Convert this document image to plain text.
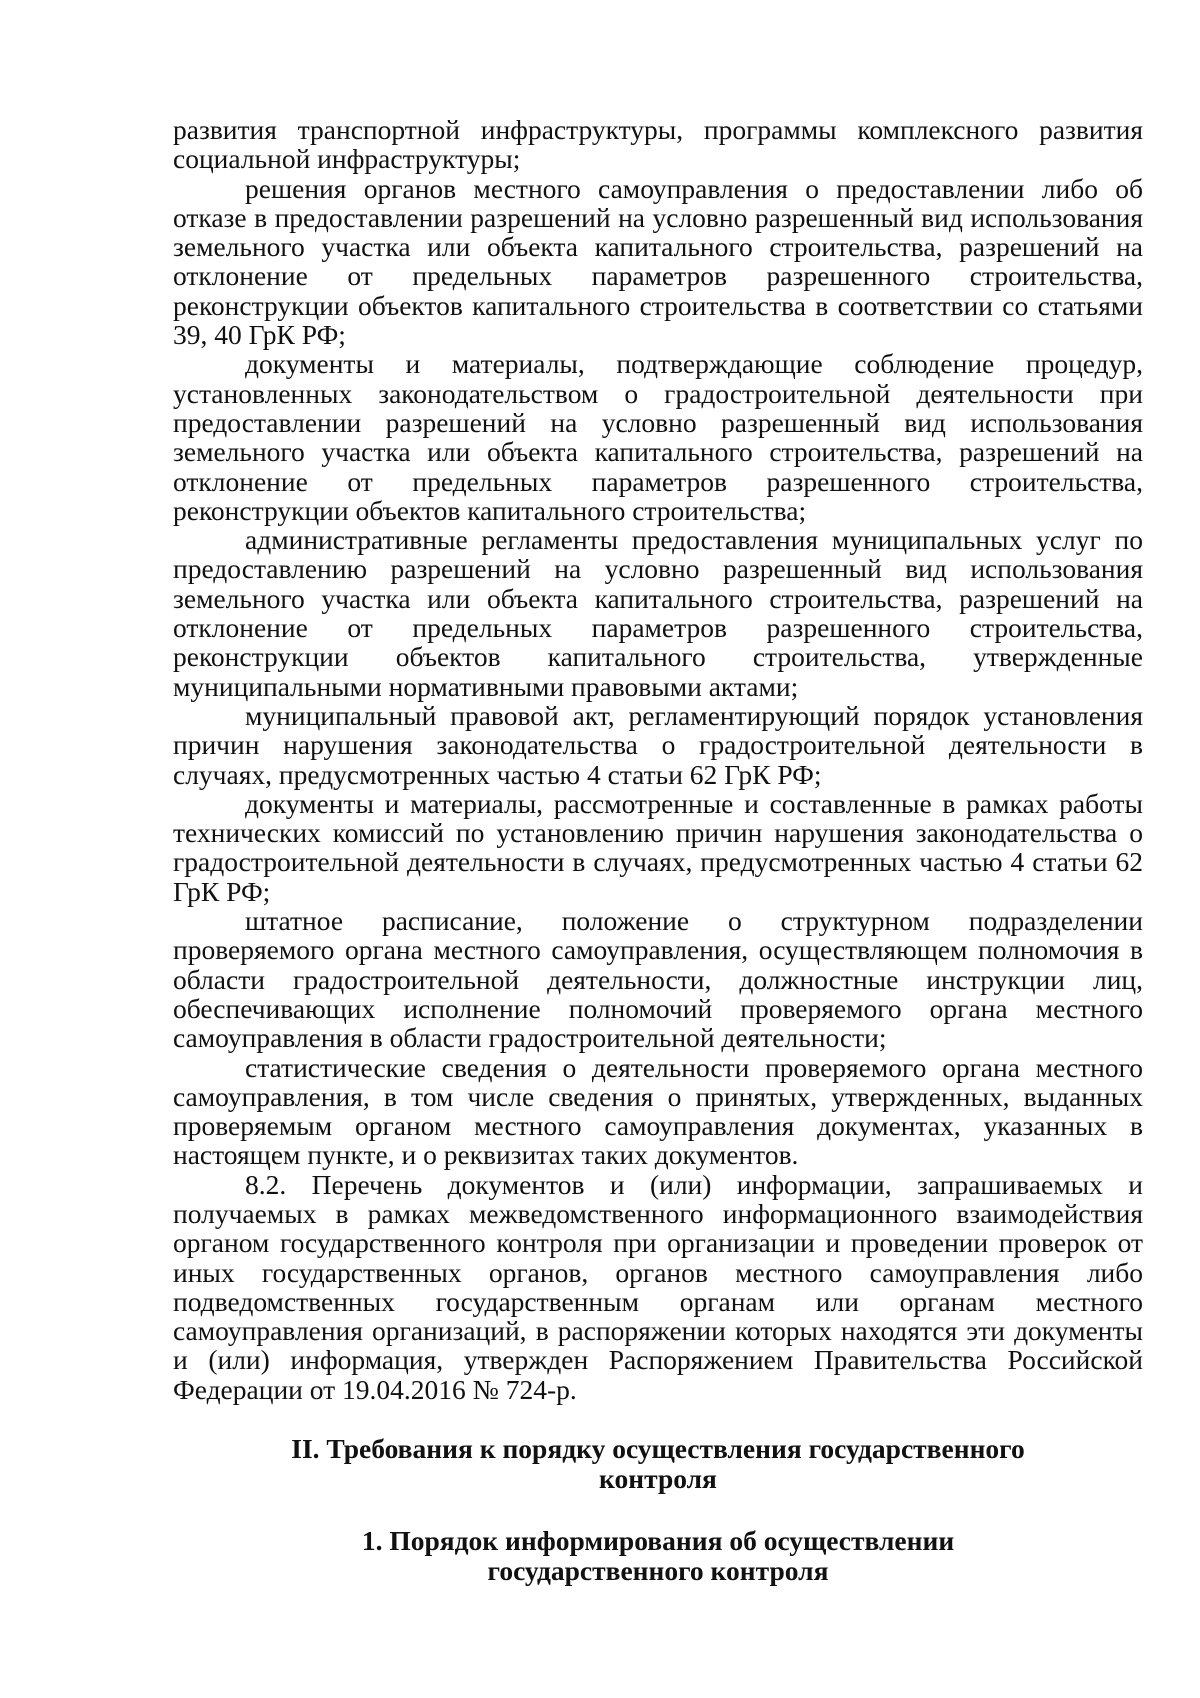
развития транспортной инфраструктуры, программы комплексного развития социальной инфраструктуры;

решения органов местного самоуправления о предоставлении либо об отказе в предоставлении разрешений на условно разрешенный вид использования земельного участка или объекта капитального строительства, разрешений на отклонение от предельных параметров разрешенного строительства, реконструкции объектов капитального строительства в соответствии со статьями 39, 40 ГрК РФ;

документы и материалы, подтверждающие соблюдение процедур, установленных законодательством о градостроительной деятельности при предоставлении разрешений на условно разрешенный вид использования земельного участка или объекта капитального строительства, разрешений на отклонение от предельных параметров разрешенного строительства, реконструкции объектов капитального строительства;

административные регламенты предоставления муниципальных услуг по предоставлению разрешений на условно разрешенный вид использования земельного участка или объекта капитального строительства, разрешений на отклонение от предельных параметров разрешенного строительства, реконструкции объектов капитального строительства, утвержденные муниципальными нормативными правовыми актами;

муниципальный правовой акт, регламентирующий порядок установления причин нарушения законодательства о градостроительной деятельности в случаях, предусмотренных частью 4 статьи 62 ГрК РФ;

документы и материалы, рассмотренные и составленные в рамках работы технических комиссий по установлению причин нарушения законодательства о градостроительной деятельности в случаях, предусмотренных частью 4 статьи 62 ГрК РФ;

штатное расписание, положение о структурном подразделении проверяемого органа местного самоуправления, осуществляющем полномочия в области градостроительной деятельности, должностные инструкции лиц, обеспечивающих исполнение полномочий проверяемого органа местного самоуправления в области градостроительной деятельности;

статистические сведения о деятельности проверяемого органа местного самоуправления, в том числе сведения о принятых, утвержденных, выданных проверяемым органом местного самоуправления документах, указанных в настоящем пункте, и о реквизитах таких документов.

8.2. Перечень документов и (или) информации, запрашиваемых и получаемых в рамках межведомственного информационного взаимодействия органом государственного контроля при организации и проведении проверок от иных государственных органов, органов местного самоуправления либо подведомственных государственным органам или органам местного самоуправления организаций, в распоряжении которых находятся эти документы и (или) информация, утвержден Распоряжением Правительства Российской Федерации от 19.04.2016 № 724-р.

II. Требования к порядку осуществления государственного
контроля
1. Порядок информирования об осуществлении
государственного контроля
